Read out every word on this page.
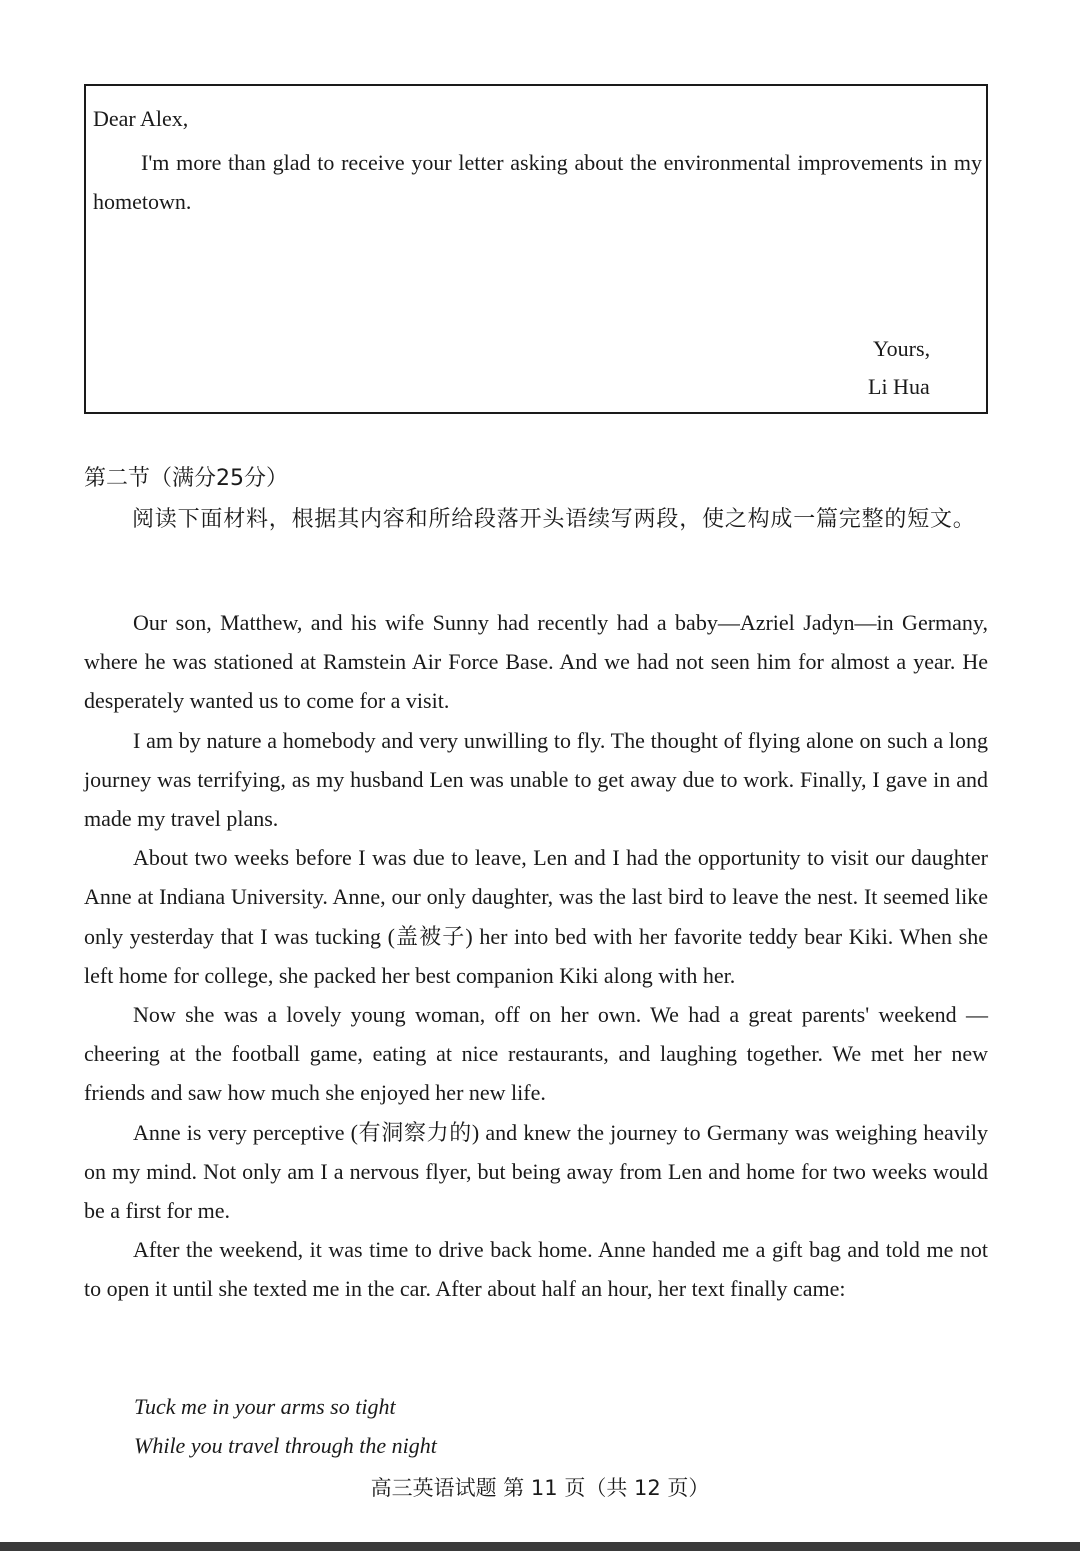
Dear Alex,

I'm more than glad to receive your letter asking about the environmental improvements in my hometown.

Yours,
Li Hua
第二节（满分25分）

阅读下面材料，根据其内容和所给段落开头语续写两段，使之构成一篇完整的短文。

Our son, Matthew, and his wife Sunny had recently had a baby—Azriel Jadyn—in Germany, where he was stationed at Ramstein Air Force Base. And we had not seen him for almost a year. He desperately wanted us to come for a visit.

I am by nature a homebody and very unwilling to fly. The thought of flying alone on such a long journey was terrifying, as my husband Len was unable to get away due to work. Finally, I gave in and made my travel plans.

About two weeks before I was due to leave, Len and I had the opportunity to visit our daughter Anne at Indiana University. Anne, our only daughter, was the last bird to leave the nest. It seemed like only yesterday that I was tucking (盖被子) her into bed with her favorite teddy bear Kiki. When she left home for college, she packed her best companion Kiki along with her.

Now she was a lovely young woman, off on her own. We had a great parents' weekend —cheering at the football game, eating at nice restaurants, and laughing together. We met her new friends and saw how much she enjoyed her new life.

Anne is very perceptive (有洞察力的) and knew the journey to Germany was weighing heavily on my mind. Not only am I a nervous flyer, but being away from Len and home for two weeks would be a first for me.

After the weekend, it was time to drive back home. Anne handed me a gift bag and told me not to open it until she texted me in the car. After about half an hour, her text finally came:

Tuck me in your arms so tight
While you travel through the night
高三英语试题 第 11 页（共 12 页）
